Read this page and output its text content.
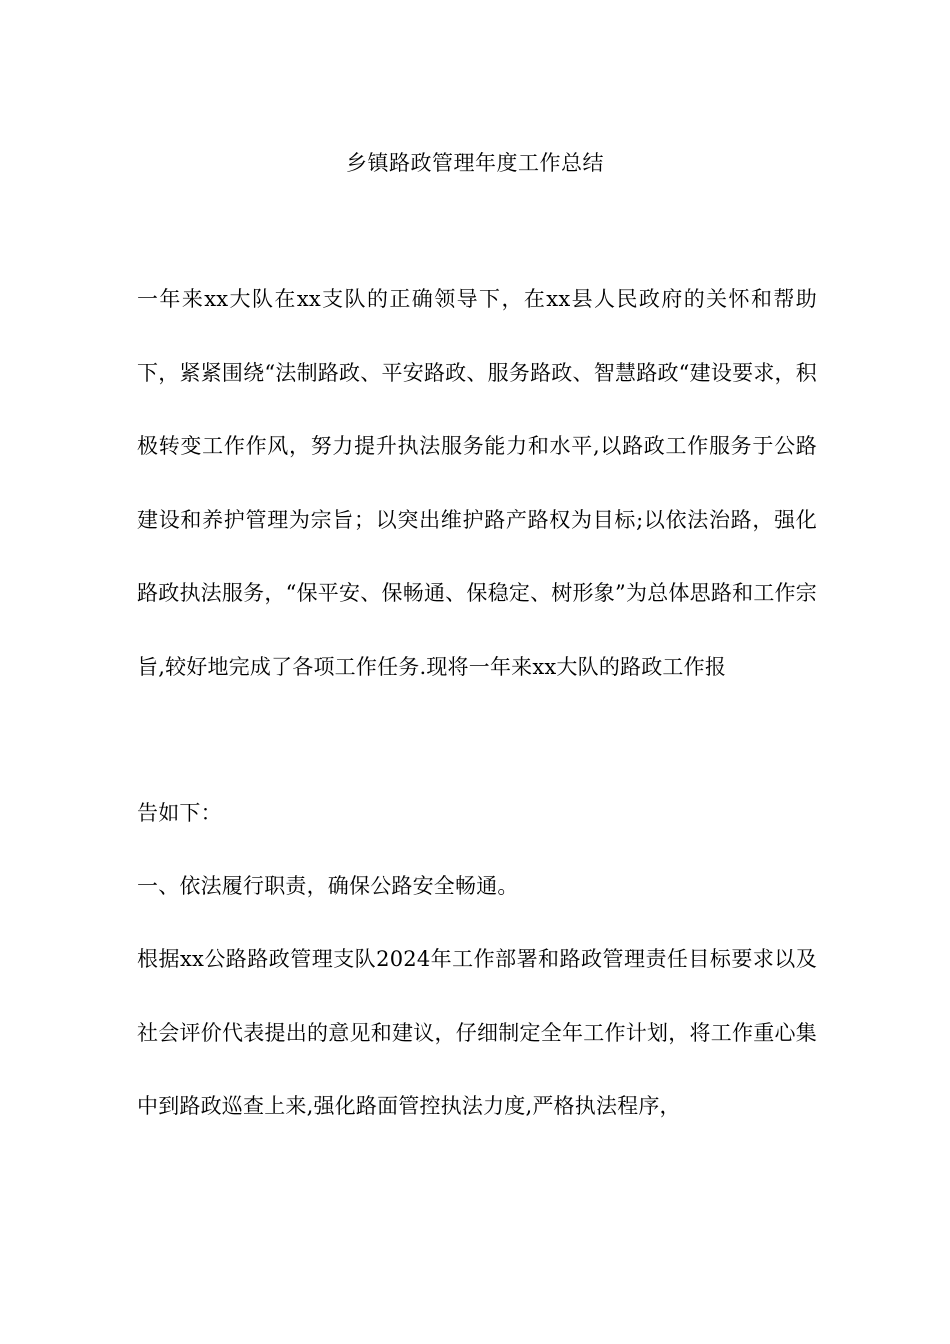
乡镇路政管理年度工作总结

一年来xx大队在xx支队的正确领导下，在xx县人民政府的关怀和帮助下，紧紧围绕“法制路政、平安路政、服务路政、智慧路政“建设要求，积极转变工作作风，努力提升执法服务能力和水平,以路政工作服务于公路建设和养护管理为宗旨；以突出维护路产路权为目标;以依法治路，强化路政执法服务，“保平安、保畅通、保稳定、树形象”为总体思路和工作宗旨,较好地完成了各项工作任务.现将一年来xx大队的路政工作报

告如下：

一、依法履行职责，确保公路安全畅通。

根据xx公路路政管理支队2024年工作部署和路政管理责任目标要求以及社会评价代表提出的意见和建议，仔细制定全年工作计划，将工作重心集中到路政巡查上来,强化路面管控执法力度,严格执法程序，
